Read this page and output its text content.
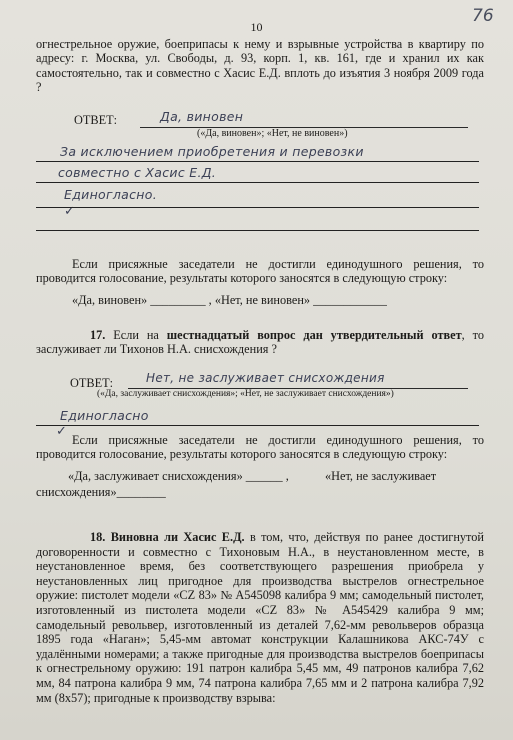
10
76
огнестрельное оружие, боеприпасы к нему и взрывные устройства в квартиру по адресу: г. Москва, ул. Свободы, д. 93, корп. 1, кв. 161, где и хранил их как самостоятельно, так и совместно с Хасис Е.Д. вплоть до изъятия 3 ноября 2009 года ?
ОТВЕТ:	Да, виновен
(«Да, виновен»; «Нет, не виновен»)
За исключением приобретения и перевозки
совместно с Хасис Е.Д.
Единогласно.
✓
Если присяжные заседатели не достигли единодушного решения, то проводится голосование, результаты которого заносятся в следующую строку:
«Да, виновен» _________ , «Нет, не виновен» ____________
17. Если на шестнадцатый вопрос дан утвердительный ответ, то заслуживает ли Тихонов Н.А. снисхождения ?
ОТВЕТ:	Нет, не заслуживает снисхождения
(«Да, заслуживает снисхождения»; «Нет, не заслуживает снисхождения»)
Единогласно
✓
Если присяжные заседатели не достигли единодушного решения, то проводится голосование, результаты которого заносятся в следующую строку:
«Да, заслуживает снисхождения» ______ ,	«Нет, не заслуживает
снисхождения»________
18. Виновна ли Хасис Е.Д. в том, что, действуя по ранее достигнутой договоренности и совместно с Тихоновым Н.А., в неустановленном месте, в неустановленное время, без соответствующего разрешения приобрела у неустановленных лиц пригодное для производства выстрелов огнестрельное оружие: пистолет модели «CZ 83» № A545098 калибра 9 мм; самодельный пистолет, изготовленный из пистолета модели «CZ 83» № A545429 калибра 9 мм; самодельный револьвер, изготовленный из деталей 7,62-мм револьверов образца 1895 года «Наган»; 5,45-мм автомат конструкции Калашникова АКС-74У с удалёнными номерами; а также пригодные для производства выстрелов боеприпасы к огнестрельному оружию: 191 патрон калибра 5,45 мм, 49 патронов калибра 7,62 мм, 84 патрона калибра 9 мм, 74 патрона калибра 7,65 мм и 2 патрона калибра 7,92 мм (8х57); пригодные к производству взрыва:
